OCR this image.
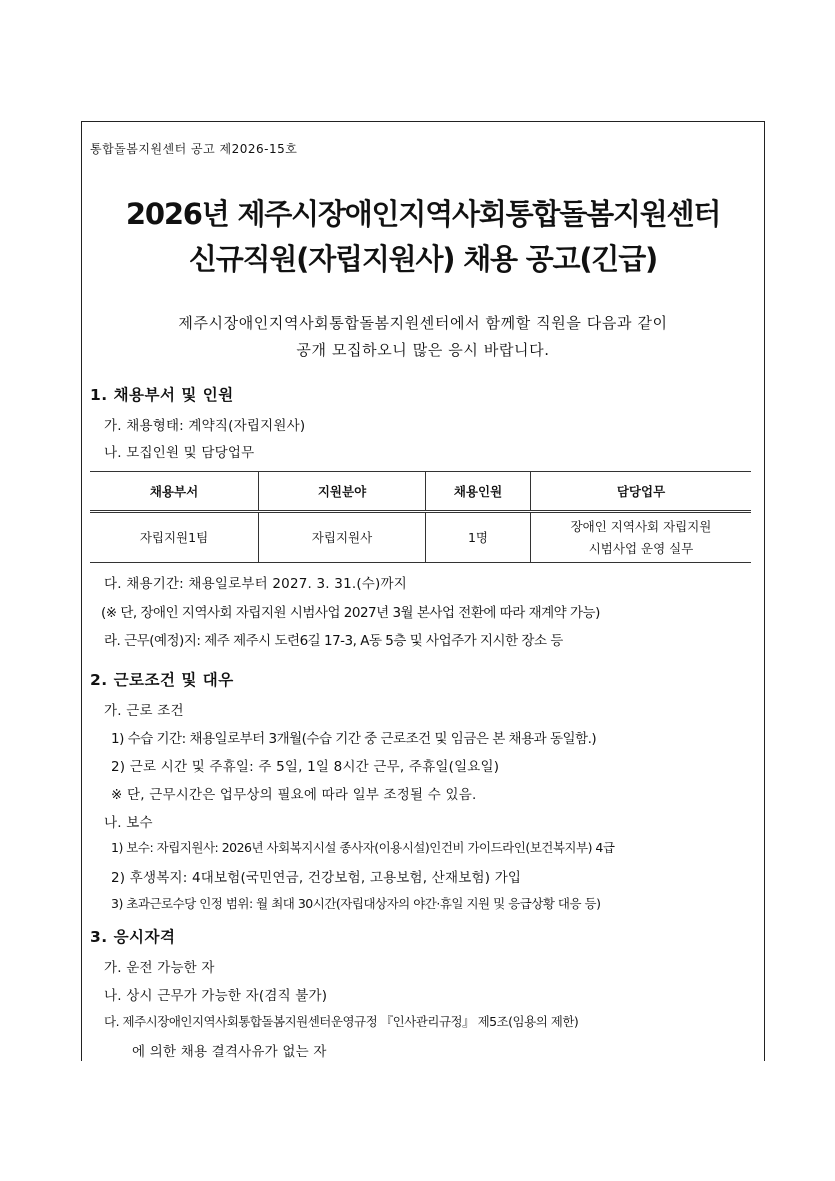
통합돌봄지원센터 공고 제2026-15호
2026년 제주시장애인지역사회통합돌봄지원센터
신규직원(자립지원사) 채용 공고(긴급)
제주시장애인지역사회통합돌봄지원센터에서 함께할 직원을 다음과 같이
공개 모집하오니 많은 응시 바랍니다.
1. 채용부서 및 인원
가. 채용형태: 계약직(자립지원사)
나. 모집인원 및 담당업무
채용부서	지원분야	채용인원	담당업무
자립지원1팀	자립지원사	1명	장애인 지역사회 자립지원
시범사업 운영 실무
다. 채용기간: 채용일로부터 2027. 3. 31.(수)까지
(※ 단, 장애인 지역사회 자립지원 시범사업 2027년 3월 본사업 전환에 따라 재계약 가능)
라. 근무(예정)지: 제주 제주시 도련6길 17-3, A동 5층 및 사업주가 지시한 장소 등
2. 근로조건 및 대우
가. 근로 조건
1) 수습 기간: 채용일로부터 3개월(수습 기간 중 근로조건 및 임금은 본 채용과 동일함.)
2) 근로 시간 및 주휴일: 주 5일, 1일 8시간 근무, 주휴일(일요일)
※ 단, 근무시간은 업무상의 필요에 따라 일부 조정될 수 있음.
나. 보수
1) 보수: 자립지원사: 2026년 사회복지시설 종사자(이용시설)인건비 가이드라인(보건복지부) 4급
2) 후생복지: 4대보험(국민연금, 건강보험, 고용보험, 산재보험) 가입
3) 초과근로수당 인정 범위: 월 최대 30시간(자립대상자의 야간·휴일 지원 및 응급상황 대응 등)
3. 응시자격
가. 운전 가능한 자
나. 상시 근무가 가능한 자(겸직 불가)
다. 제주시장애인지역사회통합돌봄지원센터운영규정 『인사관리규정』 제5조(임용의 제한)
에 의한 채용 결격사유가 없는 자
